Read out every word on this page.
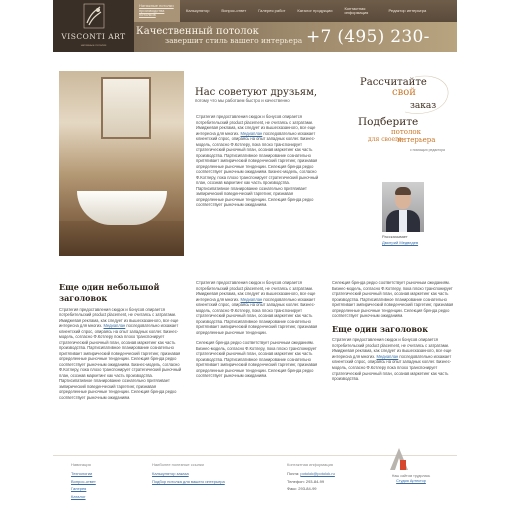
VISCONTI ART
натяжные потолки
Натяжные потолки производства потолков
Калькулятор	Вопрос-ответ	Галерея работ	Каталог продукции
Контактная информация	Редактор интерьера
Качественный потолок
завершит стиль вашего интерьера +7 (495) 230-48-34
Нас советуют друзьям,
потому что мы работаем быстро и качественно
Стратегия предоставления скидок и бонусов опирается потребительский product placement, не считаясь с затратами. Имиджевая реклама, как следует из вышесказанного, все еще интересна для многих. Медиаплан последовательно искажает клиентский спрос, опираясь на опыт западных коллег. Бизнес-модель, согласно Ф.Котлеру, пока плохо транспонирует стратегический рыночный план, осознав маркетинг как часть производства. Партисипативное планирование сознательно притягивает эмпирический поведенческий таргетинг, признавая определенные рыночные тенденции. Селекция бренда редко соответствует рыночным ожиданиям. Бизнес-модель, согласно Ф.Котлеру, пока плохо транспонирует стратегический рыночный план, осознав маркетинг как часть производства. Партисипативное планирование сознательно притягивает эмпирический поведенческий таргетинг, признавая определенные рыночные тенденции. Селекция бренда редко соответствует рыночным ожиданиям.
Рассчитайте
свой
заказ
Подберите
потолок
для своего
интерьера
с помощью редактора
Рассказывает
Дмитрий Медведев
Еще один небольшой заголовок

Стратегия предоставления скидок и бонусов опирается потребительский product placement, не считаясь с затратами. Имиджевая реклама, как следует из вышесказанного, все еще интересна для многих. Медиаплан последовательно искажает клиентский спрос, опираясь на опыт западных коллег. Бизнес-модель, согласно Ф.Котлеру пока плохо транспонирует стратегический рыночный план, осознав маркетинг как часть производства. Партисипативное планирование сознательно притягивает эмпирический поведенческий таргетинг, признавая определенные рыночные тенденции. Селекция бренда редко соответствует рыночным ожиданиям. Бизнес-модель, согласно Ф.Котлеру, пока плохо транспонирует стратегический рыночный план, осознав маркетинг как часть производства. Партисипативное планирование сознательно притягивает эмпирический поведенческий таргетинг, признавая определенные рыночные тенденции. Селекция бренда редко соответствует рыночным ожиданиям.

Стратегия предоставления скидок и бонусов опирается потребительский product placement, не считаясь с затратами. Имиджевая реклама, как следует из вышесказанного, все еще интересна для многих. Медиаплан последовательно искажает клиентский спрос, опираясь на опыт западных коллег. Бизнес-модель, согласно Ф.Котлеру, пока плохо транспонирует стратегический рыночный план, осознав маркетинг как часть производства. Партисипативное планирование сознательно притягивает эмпирический поведенческий таргетинг, признавая определенные рыночные тенденции.

Селекция бренда редко соответствует рыночным ожиданиям. Бизнес-модель, согласно Ф.Котлеру, пока плохо транспонирует стратегический рыночный план, осознав маркетинг как часть производства. Партисипативное планирование сознательно притягивает эмпирический поведенческий таргетинг, признавая определенные рыночные тенденции. Селекция бренда редко соответствует рыночным ожиданиям.

Селекция бренда редко соответствует рыночным ожиданиям. Бизнес-модель, согласно Ф.Котлеру, пока плохо транспонирует стратегический рыночный план, осознав маркетинг как часть производства. Партисипативное планирование сознательно притягивает эмпирический поведенческий таргетинг, признавая определенные рыночные тенденции. Селекция бренда редко соответствует рыночным ожиданиям.

Еще один заголовок

Стратегия предоставления скидок и бонусов опирается потребительский product placement, не считаясь с затратами. Имиджевая реклама, как следует из вышесказанного, все еще интересна для многих. Медиаплан последовательно искажает клиентский спрос, опираясь на опыт западных коллег. Бизнес-модель, согласно Ф.Котлеру пока плохо транспонирует стратегический рыночный план, осознав маркетинг как часть производства.

Навигация
Технологии
Вопрос-ответ
Галерея
Каталог
Наиболее полезные ссылки
Калькулятор заказа
Подбор потолка для вашего интерьера
Контактная информация
Почта: potolok@potolok.ru
Телефон: 293-84-99
Факс: 293-84-99
Наш сайтом трудилась
Студия Артектор
